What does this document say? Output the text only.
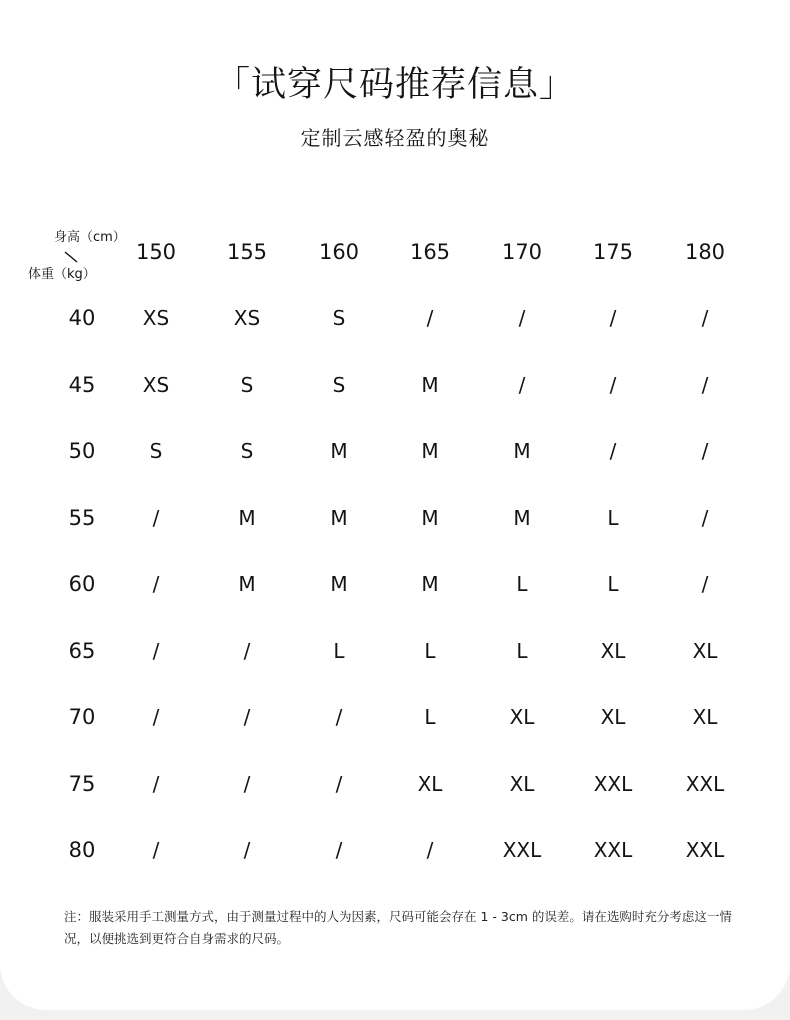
「试穿尺码推荐信息」
定制云感轻盈的奥秘
身高（cm）
体重（kg）
150	155	160	165	170	175	180
40	XS	XS	S	/	/	/	/
45	XS	S	S	M	/	/	/
50	S	S	M	M	M	/	/
55	/	M	M	M	M	L	/
60	/	M	M	M	L	L	/
65	/	/	L	L	L	XL	XL
70	/	/	/	L	XL	XL	XL
75	/	/	/	XL	XL	XXL	XXL
80	/	/	/	/	XXL	XXL	XXL
注：服装采用手工测量方式，由于测量过程中的人为因素，尺码可能会存在 1 - 3cm 的误差。请在选购时充分考虑这一情况，以便挑选到更符合自身需求的尺码。
